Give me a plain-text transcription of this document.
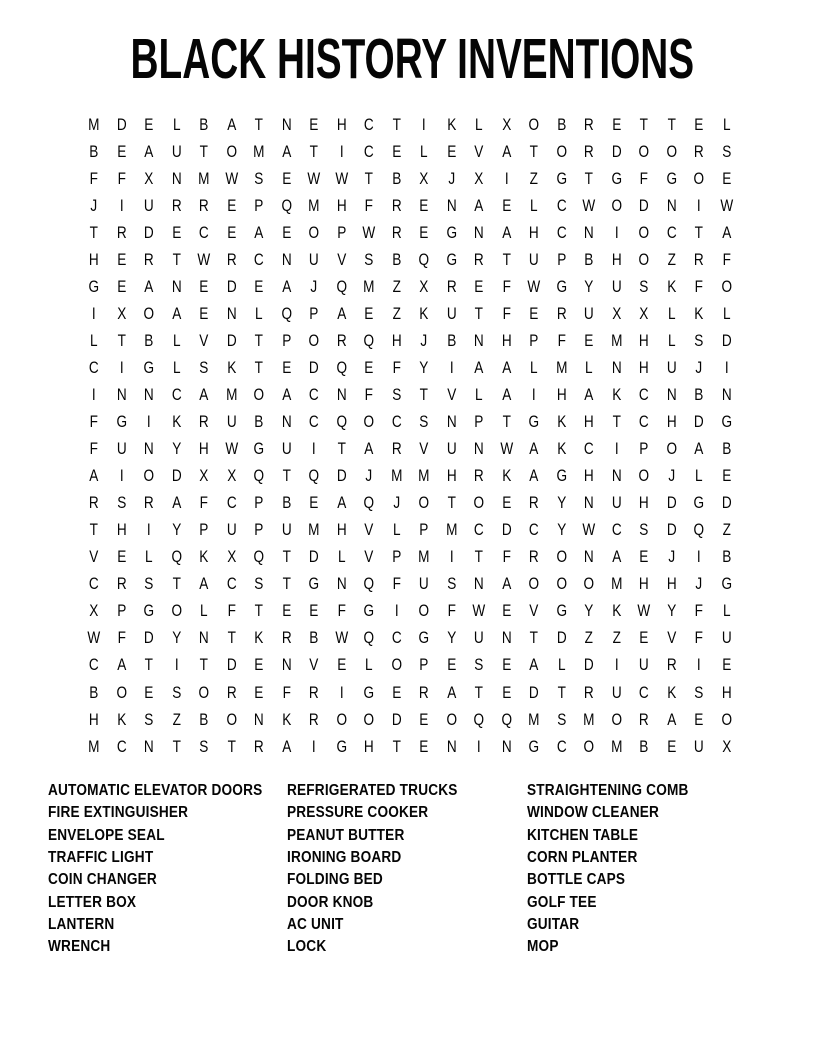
BLACK HISTORY INVENTIONS
M D	E	L	B	A	T	N	E	H	C	T	I	K	L	X	O	B	R	E	T	T	E	L
B	E	A	U	T	O M	A	T	I	C	E	L	E	V	A	T	O	R	D	O O	R	S
F	F	X	N M W S	E W W T	B	X	J	X	I	Z	G	T	G	F	G O	E
J	I	U	R	R	E	P	Q M H	F	R	E	N	A	E	L	C W O	D	N	I	W
T	R	D	E	C	E	A	E	O	P W R	E	G	N	A	H	C	N	I	O	C	T	A
H	E	R	T W R	C	N	U	V	S	B	Q G	R	T	U	P	B	H	O	Z	R	F
G	E	A	N	E	D	E	A	J	Q M	Z	X	R	E	F W G	Y	U	S	K	F	O
I	X	O	A	E	N	L	Q	P	A	E	Z	K	U	T	F	E	R	U	X	X	L	K	L
L	T	B	L	V	D	T	P	O	R	Q	H	J	B	N	H	P	F	E	M H	L	S	D
C	I	G	L	S	K	T	E	D	Q	E	F	Y	I	A	A	L	M	L	N	H	U	J	I
I	N	N	C	A	M O	A	C	N	F	S	T	V	L	A	I	H	A	K	C	N	B	N
F	G	I	K	R	U	B	N	C	Q O	C	S	N	P	T	G	K	H	T	C	H	D	G
F	U	N	Y	H W G	U	I	T	A	R	V	U	N W A	K	C	I	P	O	A	B
A	I	O	D	X	X	Q	T	Q	D	J	M M H	R	K	A	G	H	N	O	J	L	E
R	S	R	A	F	C	P	B	E	A	Q	J	O	T	O	E	R	Y	N	U	H	D	G	D
T	H	I	Y	P	U	P	U M H	V	L	P	M C	D	C	Y W C	S	D	Q	Z
V	E	L	Q	K	X	Q	T	D	L	V	P	M	I	T	F	R	O	N	A	E	J	I	B
C	R	S	T	A	C	S	T	G	N	Q	F	U	S	N	A	O O O M H	H	J	G
X	P	G O	L	F	T	E	E	F	G	I	O	F W E	V	G	Y	K W Y	F	L
W F	D	Y	N	T	K	R	B W Q	C	G	Y	U	N	T	D	Z	Z	E	V	F	U
C	A	T	I	T	D	E	N	V	E	L	O	P	E	S	E	A	L	D	I	U	R	I	E
B	O	E	S	O	R	E	F	R	I	G	E	R	A	T	E	D	T	R	U	C	K	S	H
H	K	S	Z	B	O	N	K	R	O O	D	E	O Q Q M	S	M O	R	A	E	O
M C	N	T	S	T	R	A	I	G	H	T	E	N	I	N	G	C	O M	B	E	U	X
AUTOMATIC ELEVATOR DOORS
FIRE EXTINGUISHER
ENVELOPE SEAL
TRAFFIC LIGHT
COIN CHANGER
LETTER BOX
LANTERN
WRENCH
REFRIGERATED TRUCKS
PRESSURE COOKER
PEANUT BUTTER
IRONING BOARD
FOLDING BED
DOOR KNOB
AC UNIT
LOCK
STRAIGHTENING COMB
WINDOW CLEANER
KITCHEN TABLE
CORN PLANTER
BOTTLE CAPS
GOLF TEE
GUITAR
MOP
